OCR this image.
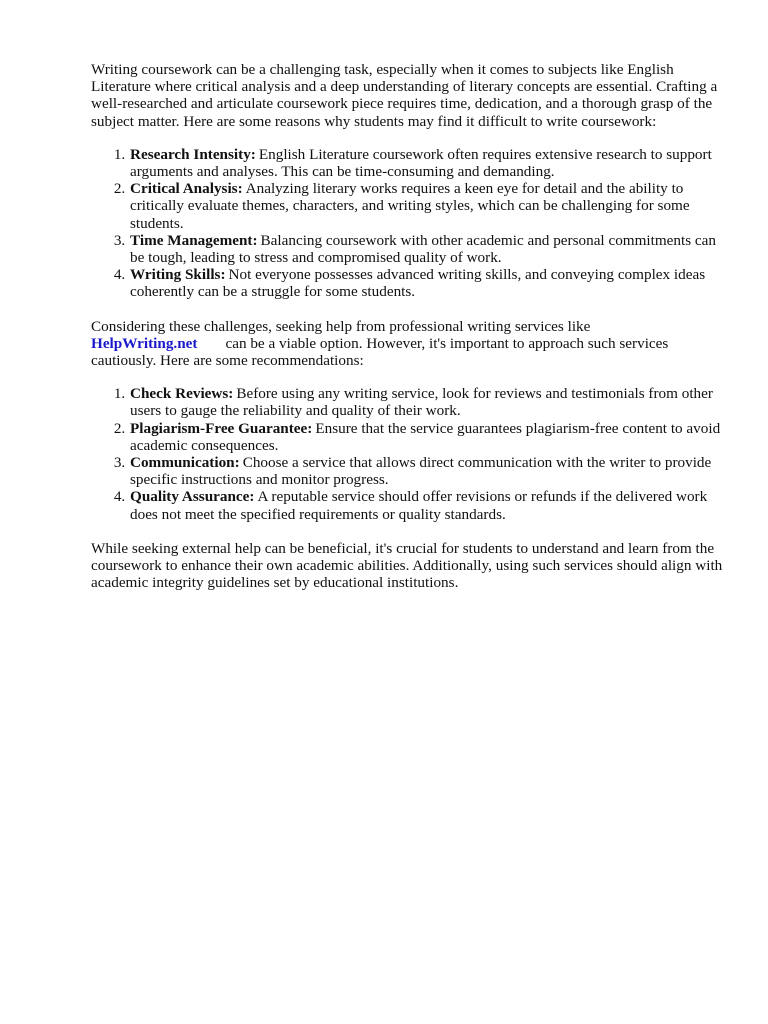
Writing coursework can be a challenging task, especially when it comes to subjects like English Literature where critical analysis and a deep understanding of literary concepts are essential. Crafting a well-researched and articulate coursework piece requires time, dedication, and a thorough grasp of the subject matter. Here are some reasons why students may find it difficult to write coursework:

1. Research Intensity: English Literature coursework often requires extensive research to support arguments and analyses. This can be time-consuming and demanding.
2. Critical Analysis: Analyzing literary works requires a keen eye for detail and the ability to critically evaluate themes, characters, and writing styles, which can be challenging for some students.
3. Time Management: Balancing coursework with other academic and personal commitments can be tough, leading to stress and compromised quality of work.
4. Writing Skills: Not everyone possesses advanced writing skills, and conveying complex ideas coherently can be a struggle for some students.

Considering these challenges, seeking help from professional writing services like
HelpWriting.net can be a viable option. However, it's important to approach such services cautiously. Here are some recommendations:

1. Check Reviews: Before using any writing service, look for reviews and testimonials from other users to gauge the reliability and quality of their work.
2. Plagiarism-Free Guarantee: Ensure that the service guarantees plagiarism-free content to avoid academic consequences.
3. Communication: Choose a service that allows direct communication with the writer to provide specific instructions and monitor progress.
4. Quality Assurance: A reputable service should offer revisions or refunds if the delivered work does not meet the specified requirements or quality standards.

While seeking external help can be beneficial, it's crucial for students to understand and learn from the coursework to enhance their own academic abilities. Additionally, using such services should align with academic integrity guidelines set by educational institutions.
